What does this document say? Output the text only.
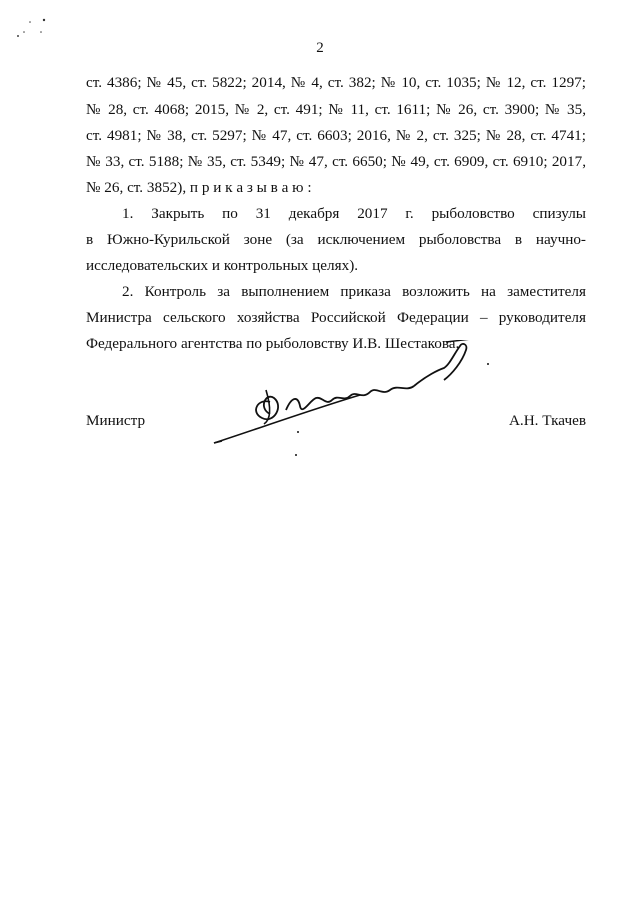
2
ст. 4386; № 45, ст. 5822; 2014, № 4, ст. 382; № 10, ст. 1035; № 12, ст. 1297;
№ 28, ст. 4068; 2015, № 2, ст. 491; № 11, ст. 1611; № 26, ст. 3900; № 35,
ст. 4981; № 38, ст. 5297; № 47, ст. 6603; 2016, № 2, ст. 325; № 28, ст. 4741;
№ 33, ст. 5188; № 35, ст. 5349; № 47, ст. 6650; № 49, ст. 6909, ст. 6910; 2017,
№ 26, ст. 3852), п р и к а з ы в а ю :
1. Закрыть по 31 декабря 2017 г. рыболовство спизулы
в Южно-Курильской зоне (за исключением рыболовства в научно-
исследовательских и контрольных целях).
2. Контроль за выполнением приказа возложить на заместителя
Министра сельского хозяйства Российской Федерации – руководителя
Федерального агентства по рыболовству И.В. Шестакова.
Министр	А.Н. Ткачев
